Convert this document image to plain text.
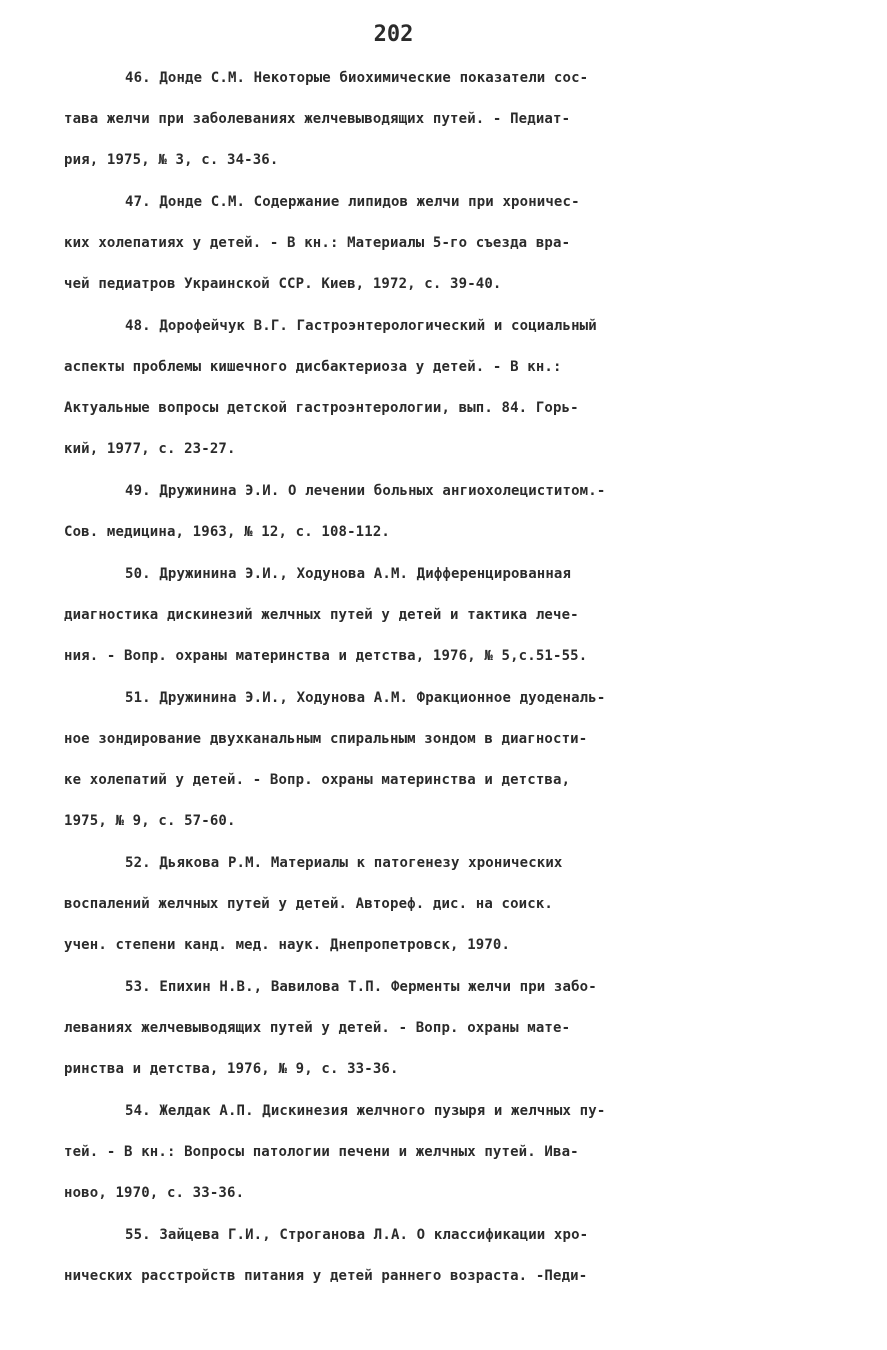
202
46. Донде С.М. Некоторые биохимические показатели сос-
тава желчи при заболеваниях желчевыводящих путей. - Педиат-
рия, 1975, № 3, с. 34-36.
47. Донде С.М. Содержание липидов желчи при хроничес-
ких холепатиях у детей. - В кн.: Материалы 5-го съезда вра-
чей педиатров Украинской ССР. Киев, 1972, с. 39-40.
48. Дорофейчук В.Г. Гастроэнтерологический и социальный
аспекты проблемы кишечного дисбактериоза у детей. - В кн.:
Актуальные вопросы детской гастроэнтерологии, вып. 84. Горь-
кий, 1977, с. 23-27.
49. Дружинина Э.И. О лечении больных ангиохолециститом.-
Сов. медицина, 1963, № 12, с. 108-112.
50. Дружинина Э.И., Ходунова А.М. Дифференцированная
диагностика дискинезий желчных путей у детей и тактика лече-
ния. - Вопр. охраны материнства и детства, 1976, № 5,с.51-55.
51. Дружинина Э.И., Ходунова А.М. Фракционное дуоденаль-
ное зондирование двухканальным спиральным зондом в диагности-
ке холепатий у детей. - Вопр. охраны материнства и детства,
1975, № 9, с. 57-60.
52. Дьякова Р.М. Материалы к патогенезу хронических
воспалений желчных путей у детей. Автореф. дис. на соиск.
учен. степени канд. мед. наук. Днепропетровск, 1970.
53. Епихин Н.В., Вавилова Т.П. Ферменты желчи при забо-
леваниях желчевыводящих путей у детей. - Вопр. охраны мате-
ринства и детства, 1976, № 9, с. 33-36.
54. Желдак А.П. Дискинезия желчного пузыря и желчных пу-
тей. - В кн.: Вопросы патологии печени и желчных путей. Ива-
ново, 1970, с. 33-36.
55. Зайцева Г.И., Строганова Л.А. О классификации хро-
нических расстройств питания у детей раннего возраста. -Педи-
